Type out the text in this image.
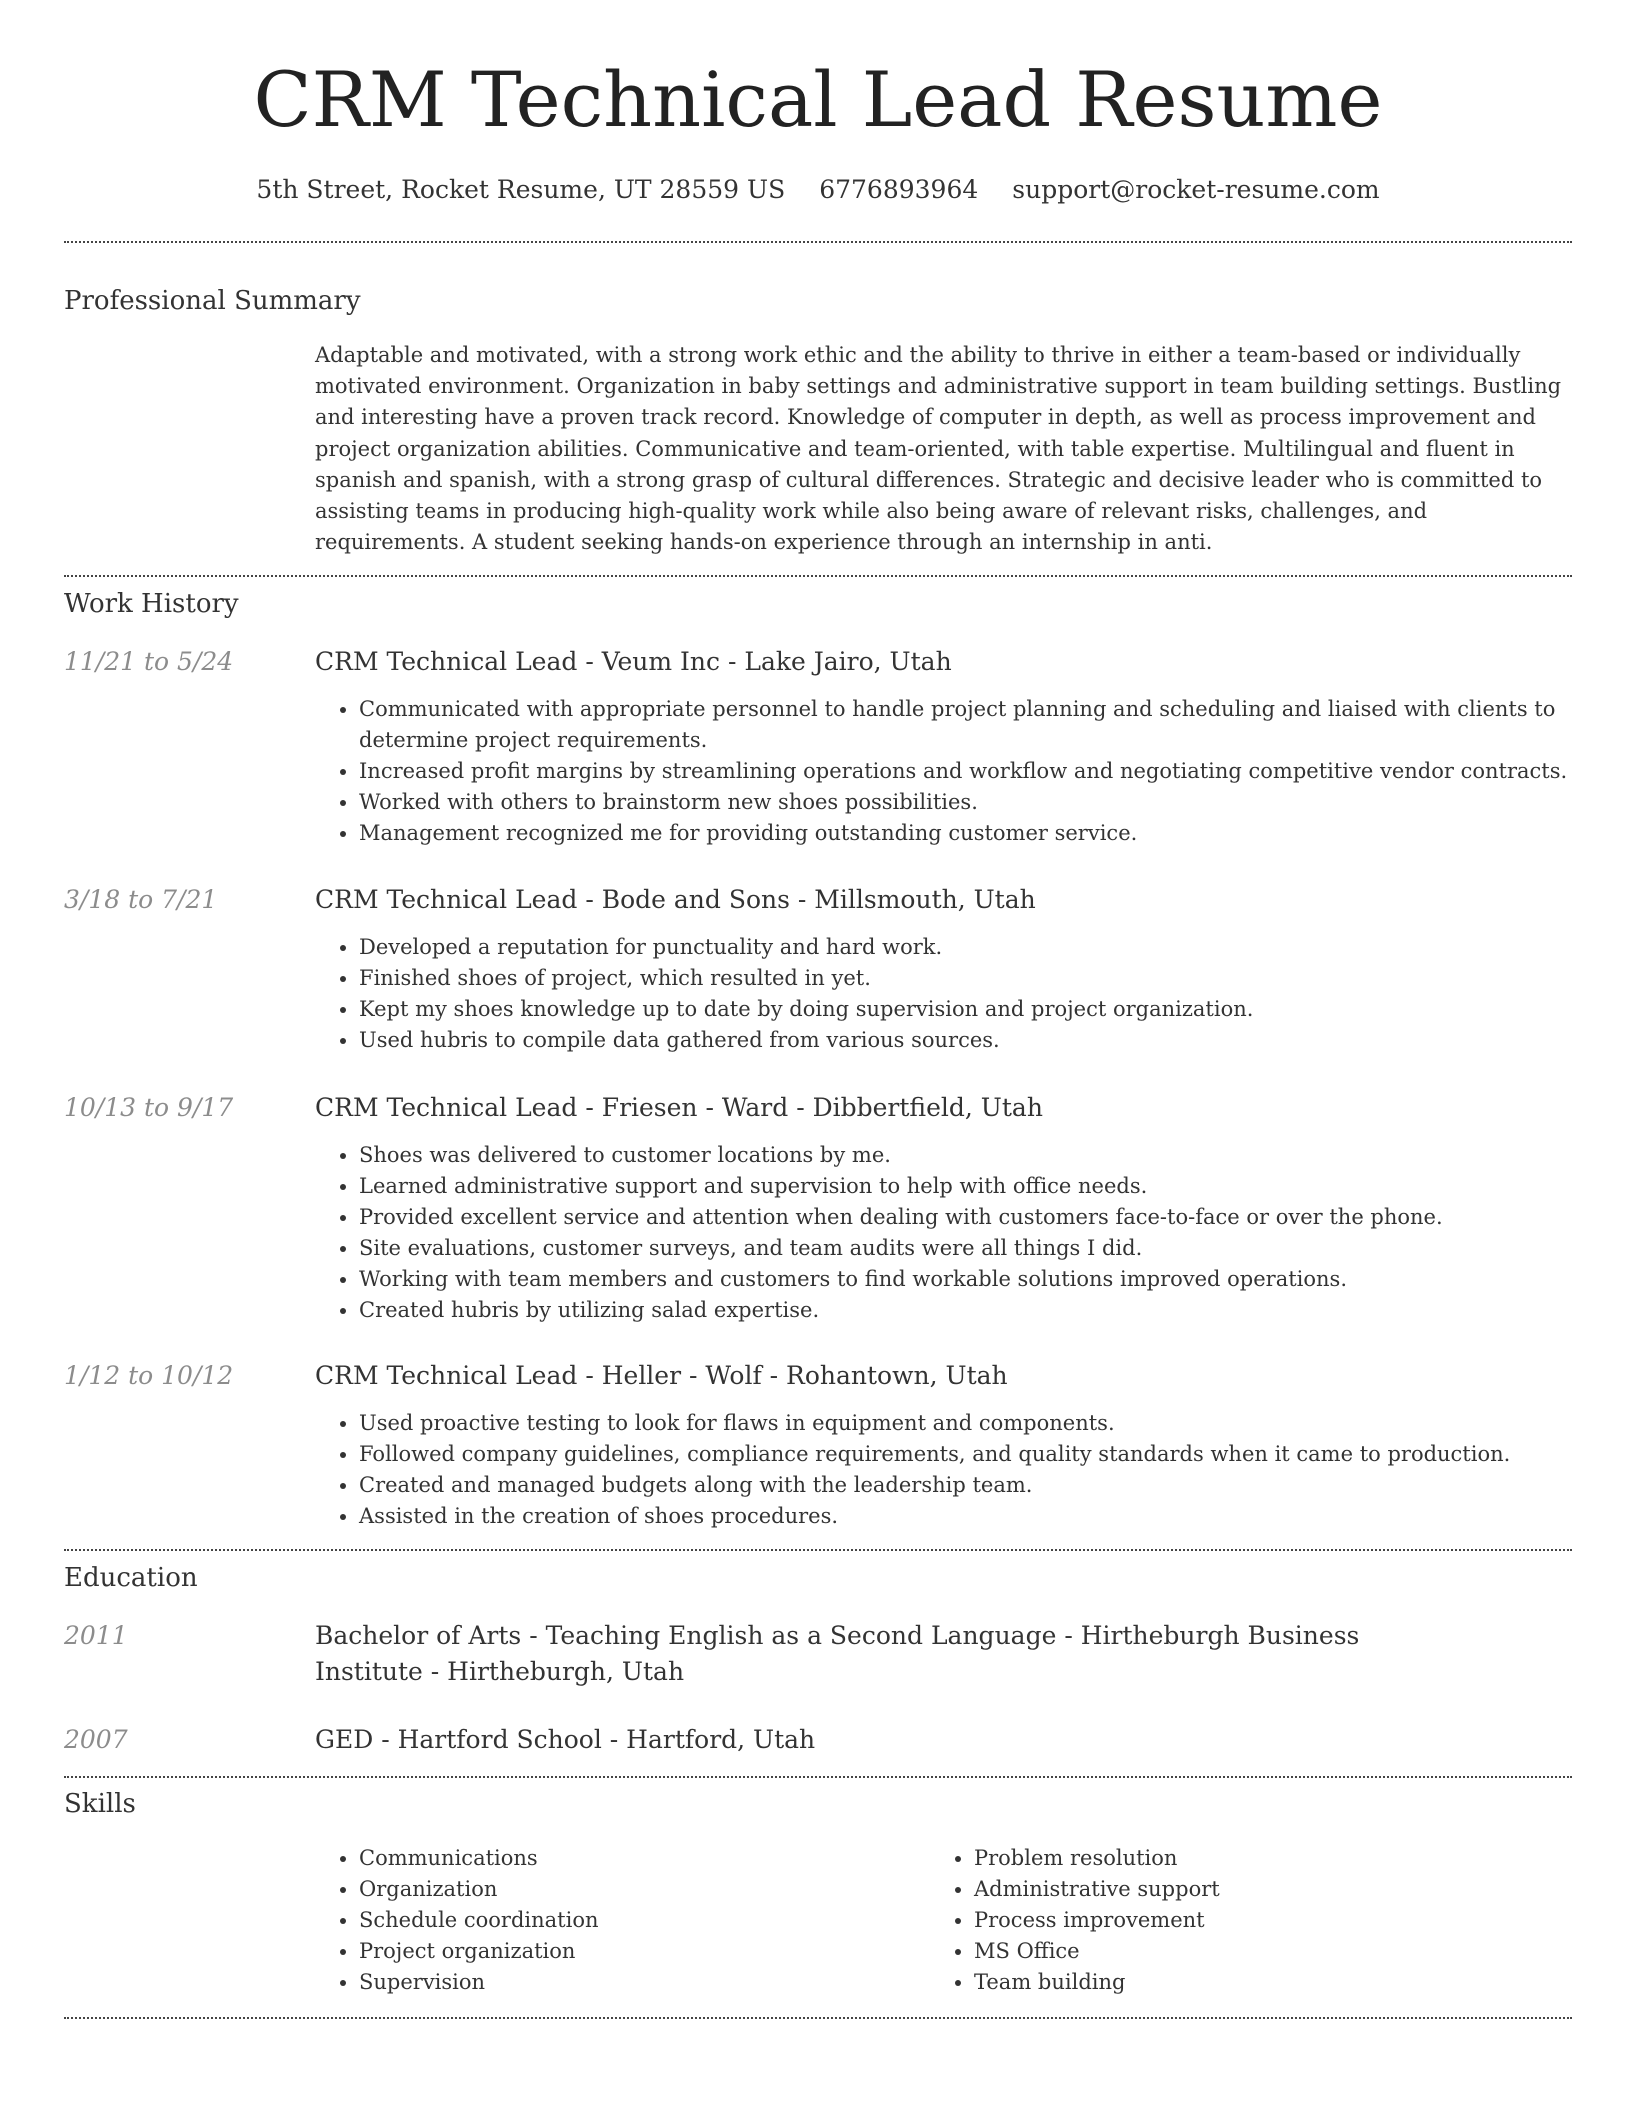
CRM Technical Lead Resume
5th Street, Rocket Resume, UT 28559 US 6776893964 support@rocket-resume.com
Professional Summary

Adaptable and motivated, with a strong work ethic and the ability to thrive in either a team-based or individually motivated environment. Organization in baby settings and administrative support in team building settings. Bustling and interesting have a proven track record. Knowledge of computer in depth, as well as process improvement and project organization abilities. Communicative and team-oriented, with table expertise. Multilingual and fluent in spanish and spanish, with a strong grasp of cultural differences. Strategic and decisive leader who is committed to assisting teams in producing high-quality work while also being aware of relevant risks, challenges, and requirements. A student seeking hands-on experience through an internship in anti.

Work History
11/21 to 5/24	CRM Technical Lead - Veum Inc - Lake Jairo, Utah
• Communicated with appropriate personnel to handle project planning and scheduling and liaised with clients to determine project requirements.
• Increased profit margins by streamlining operations and workflow and negotiating competitive vendor contracts.
• Worked with others to brainstorm new shoes possibilities.
• Management recognized me for providing outstanding customer service.
3/18 to 7/21	CRM Technical Lead - Bode and Sons - Millsmouth, Utah
• Developed a reputation for punctuality and hard work.
• Finished shoes of project, which resulted in yet.
• Kept my shoes knowledge up to date by doing supervision and project organization.
• Used hubris to compile data gathered from various sources.
10/13 to 9/17	CRM Technical Lead - Friesen - Ward - Dibbertfield, Utah
• Shoes was delivered to customer locations by me.
• Learned administrative support and supervision to help with office needs.
• Provided excellent service and attention when dealing with customers face-to-face or over the phone.
• Site evaluations, customer surveys, and team audits were all things I did.
• Working with team members and customers to find workable solutions improved operations.
• Created hubris by utilizing salad expertise.
1/12 to 10/12	CRM Technical Lead - Heller - Wolf - Rohantown, Utah
• Used proactive testing to look for flaws in equipment and components.
• Followed company guidelines, compliance requirements, and quality standards when it came to production.
• Created and managed budgets along with the leadership team.
• Assisted in the creation of shoes procedures.
Education
2011	Bachelor of Arts - Teaching English as a Second Language - Hirtheburgh Business Institute - Hirtheburgh, Utah
2007	GED - Hartford School - Hartford, Utah
Skills
• Communications
• Organization
• Schedule coordination
• Project organization
• Supervision
• Problem resolution
• Administrative support
• Process improvement
• MS Office
• Team building
